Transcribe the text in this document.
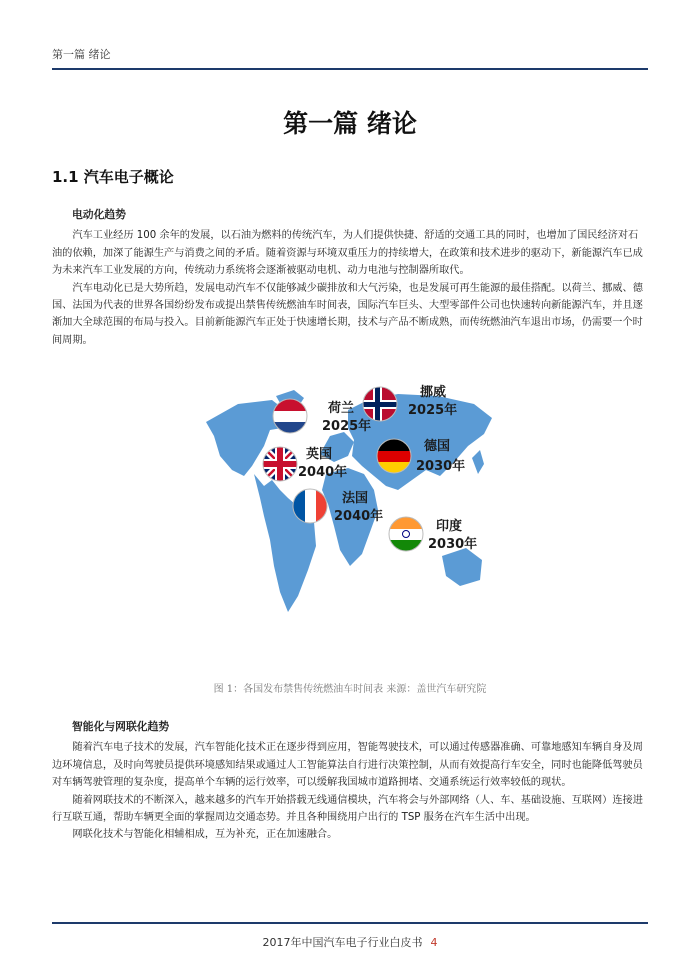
第一篇 绪论
第一篇 绪论
1.1 汽车电子概论
电动化趋势

汽车工业经历 100 余年的发展，以石油为燃料的传统汽车，为人们提供快捷、舒适的交通工具的同时，也增加了国民经济对石油的依赖，加深了能源生产与消费之间的矛盾。随着资源与环境双重压力的持续增大，在政策和技术进步的驱动下，新能源汽车已成为未来汽车工业发展的方向，传统动力系统将会逐渐被驱动电机、动力电池与控制器所取代。

汽车电动化已是大势所趋，发展电动汽车不仅能够减少碳排放和大气污染，也是发展可再生能源的最佳搭配。以荷兰、挪威、德国、法国为代表的世界各国纷纷发布或提出禁售传统燃油车时间表，国际汽车巨头、大型零部件公司也快速转向新能源汽车，并且逐渐加大全球范围的布局与投入。目前新能源汽车正处于快速增长期，技术与产品不断成熟，而传统燃油汽车退出市场，仍需要一个时间周期。

荷兰
2025年
挪威
2025年
英国
2040年
德国
2030年
法国
2040年
印度
2030年
图 1：各国发布禁售传统燃油车时间表 来源：盖世汽车研究院
智能化与网联化趋势

随着汽车电子技术的发展，汽车智能化技术正在逐步得到应用，智能驾驶技术，可以通过传感器准确、可靠地感知车辆自身及周边环境信息，及时向驾驶员提供环境感知结果或通过人工智能算法自行进行决策控制，从而有效提高行车安全，同时也能降低驾驶员对车辆驾驶管理的复杂度，提高单个车辆的运行效率，可以缓解我国城市道路拥堵、交通系统运行效率较低的现状。

随着网联技术的不断深入，越来越多的汽车开始搭载无线通信模块，汽车将会与外部网络（人、车、基础设施、互联网）连接进行互联互通，帮助车辆更全面的掌握周边交通态势。并且各种围绕用户出行的 TSP 服务在汽车生活中出现。

网联化技术与智能化相辅相成，互为补充，正在加速融合。

2017年中国汽车电子行业白皮书 4
